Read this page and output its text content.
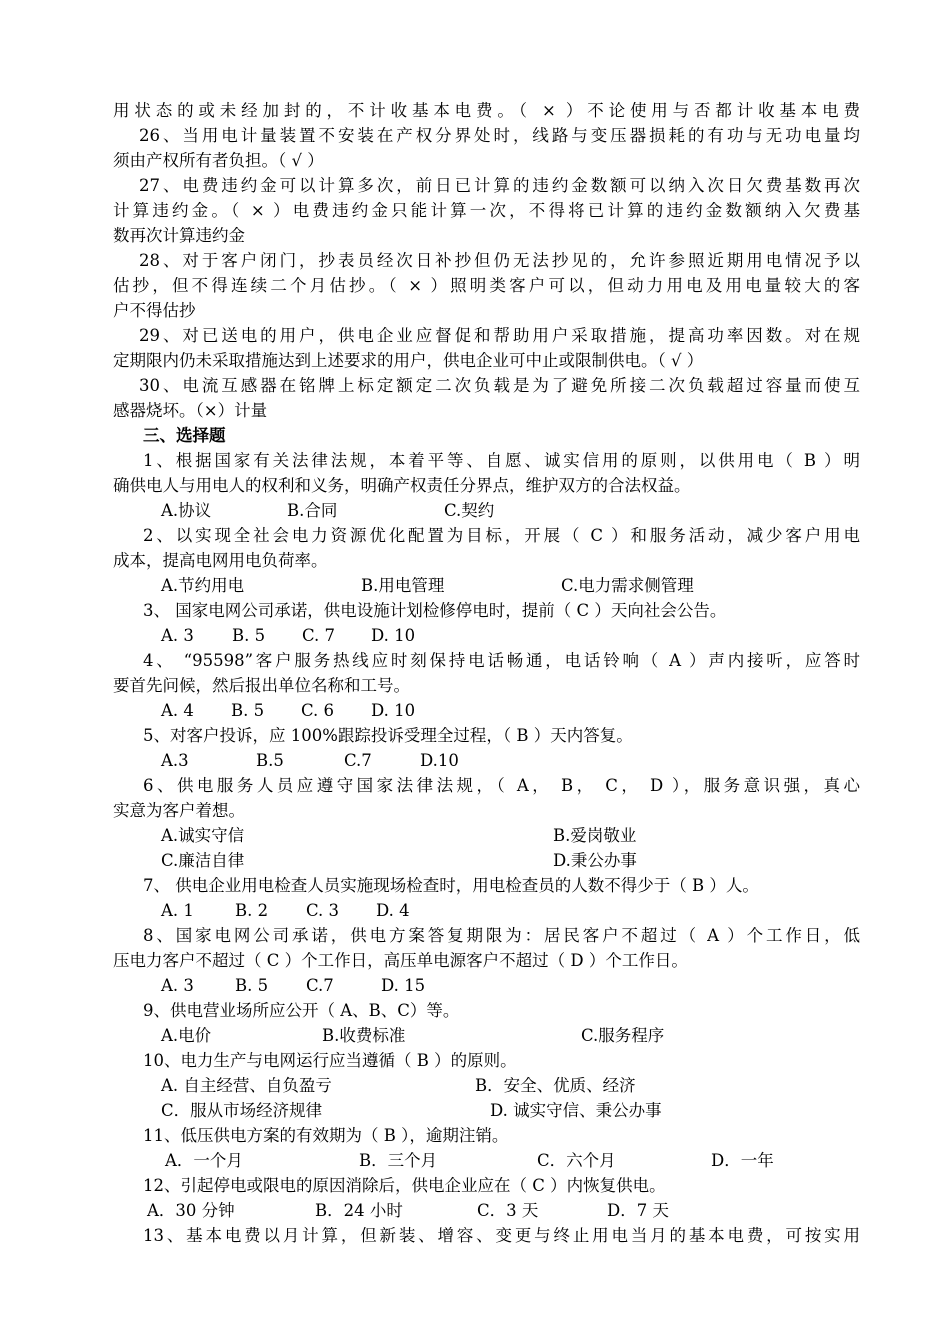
用状态的或未经加封的，不计收基本电费。（ × ）不论使用与否都计收基本电费
26、当用电计量装置不安装在产权分界处时，线路与变压器损耗的有功与无功电量均
须由产权所有者负担。（ √ ）
27、电费违约金可以计算多次，前日已计算的违约金数额可以纳入次日欠费基数再次
计算违约金。（ × ）电费违约金只能计算一次，不得将已计算的违约金数额纳入欠费基
数再次计算违约金
28、对于客户闭门，抄表员经次日补抄但仍无法抄见的，允许参照近期用电情况予以
估抄，但不得连续二个月估抄。（ × ）照明类客户可以，但动力用电及用电量较大的客
户不得估抄
29、对已送电的用户，供电企业应督促和帮助用户采取措施，提高功率因数。对在规
定期限内仍未采取措施达到上述要求的用户，供电企业可中止或限制供电。（ √ ）
30、电流互感器在铭牌上标定额定二次负载是为了避免所接二次负载超过容量而使互
感器烧坏。（×）计量
三、选择题
1、根据国家有关法律法规，本着平等、自愿、诚实信用的原则，以供用电（ B ）明
确供电人与用电人的权利和义务，明确产权责任分界点，维护双方的合法权益。
A.协议	B.合同	C.契约
2、以实现全社会电力资源优化配置为目标，开展（ C ）和服务活动，减少客户用电
成本，提高电网用电负荷率。
A.节约用电	B.用电管理	C.电力需求侧管理
3、 国家电网公司承诺，供电设施计划检修停电时，提前（ C ）天向社会公告。
A. 3 B. 5 C. 7 D. 10
4、 “95598”客户服务热线应时刻保持电话畅通，电话铃响（ A ）声内接听，应答时
要首先问候，然后报出单位名称和工号。
A. 4 B. 5 C. 6 D. 10
5、对客户投诉，应 100%跟踪投诉受理全过程，（ B ）天内答复。
A.3	B.5	C.7	D.10
6、供电服务人员应遵守国家法律法规，（ A， B， C， D ），服务意识强，真心
实意为客户着想。
A.诚实守信	B.爱岗敬业
C.廉洁自律	D.秉公办事
7、 供电企业用电检查人员实施现场检查时，用电检查员的人数不得少于（ B ）人。
A. 1 B. 2 C. 3 D. 4
8、国家电网公司承诺，供电方案答复期限为：居民客户不超过（ A ）个工作日，低
压电力客户不超过（ C ）个工作日，高压单电源客户不超过（ D ）个工作日。
A. 3 B. 5 C.7	D. 15
9、供电营业场所应公开（ A、B、C）等。
A.电价	B.收费标准	C.服务程序
10、电力生产与电网运行应当遵循（ B ）的原则。
A. 自主经营、自负盈亏	B．安全、优质、经济
C．服从市场经济规律	D. 诚实守信、秉公办事
11、低压供电方案的有效期为（ B ），逾期注销。
A．一个月	B．三个月	C．六个月	D．一年
12、引起停电或限电的原因消除后，供电企业应在（ C ）内恢复供电。
A．30 分钟	B．24 小时	C．3 天	D．7 天
13、基本电费以月计算，但新装、增容、变更与终止用电当月的基本电费，可按实用
